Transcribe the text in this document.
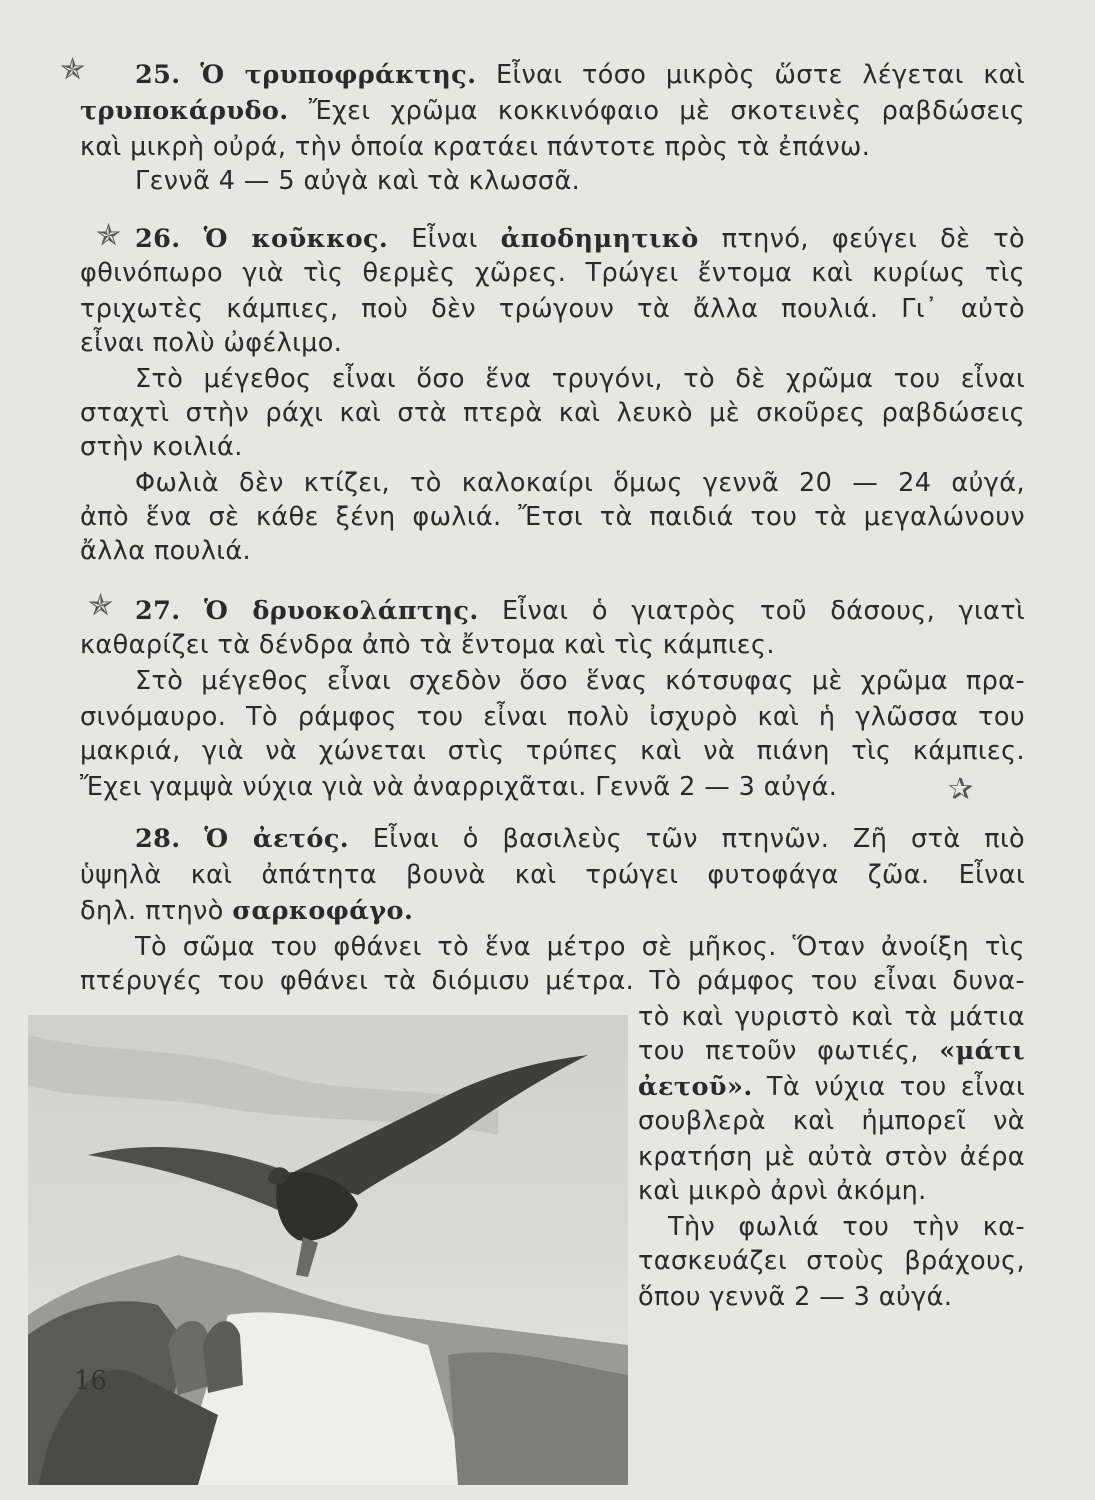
✯
✯
✯
✰
25. Ὁ τρυποφράκτης. Εἶναι τόσο μικρὸς ὥστε λέγεται καὶ
τρυποκάρυδο. Ἔχει χρῶμα κοκκινόφαιο μὲ σκοτεινὲς ραβδώσεις
καὶ μικρὴ οὐρά, τὴν ὁποία κρατάει πάντοτε πρὸς τὰ ἐπάνω.
Γεννᾶ 4 — 5 αὐγὰ καὶ τὰ κλωσσᾶ.
26. Ὁ κοῦκκος. Εἶναι ἀποδημητικὸ πτηνό, φεύγει δὲ τὸ
φθινόπωρο γιὰ τὶς θερμὲς χῶρες. Τρώγει ἔντομα καὶ κυρίως τὶς
τριχωτὲς κάμπιες, ποὺ δὲν τρώγουν τὰ ἄλλα πουλιά. Γι᾿ αὐτὸ
εἶναι πολὺ ὠφέλιμο.
Στὸ μέγεθος εἶναι ὅσο ἕνα τρυγόνι, τὸ δὲ χρῶμα του εἶναι
σταχτὶ στὴν ράχι καὶ στὰ πτερὰ καὶ λευκὸ μὲ σκοῦρες ραβδώσεις
στὴν κοιλιά.
Φωλιὰ δὲν κτίζει, τὸ καλοκαίρι ὅμως γεννᾶ 20 — 24 αὐγά,
ἀπὸ ἕνα σὲ κάθε ξένη φωλιά. Ἔτσι τὰ παιδιά του τὰ μεγαλώνουν
ἄλλα πουλιά.
27. Ὁ δρυοκολάπτης. Εἶναι ὁ γιατρὸς τοῦ δάσους, γιατὶ
καθαρίζει τὰ δένδρα ἀπὸ τὰ ἔντομα καὶ τὶς κάμπιες.
Στὸ μέγεθος εἶναι σχεδὸν ὅσο ἕνας κότσυφας μὲ χρῶμα πρα-
σινόμαυρο. Τὸ ράμφος του εἶναι πολὺ ἰσχυρὸ καὶ ἡ γλῶσσα του
μακριά, γιὰ νὰ χώνεται στὶς τρύπες καὶ νὰ πιάνη τὶς κάμπιες.
Ἔχει γαμψὰ νύχια γιὰ νὰ ἀναρριχᾶται. Γεννᾶ 2 — 3 αὐγά.
28. Ὁ ἀετός. Εἶναι ὁ βασιλεὺς τῶν πτηνῶν. Ζῆ στὰ πιὸ
ὑψηλὰ καὶ ἀπάτητα βουνὰ καὶ τρώγει φυτοφάγα ζῶα. Εἶναι
δηλ. πτηνὸ σαρκοφάγο.
Τὸ σῶμα του φθάνει τὸ ἕνα μέτρο σὲ μῆκος. Ὅταν ἀνοίξη τὶς
πτέρυγές του φθάνει τὰ διόμισυ μέτρα. Τὸ ράμφος του εἶναι δυνα-
τὸ καὶ γυριστὸ καὶ τὰ μάτια
του πετοῦν φωτιές, «μάτι
ἀετοῦ». Τὰ νύχια του εἶναι
σουβλερὰ καὶ ἠμπορεῖ νὰ
κρατήση μὲ αὐτὰ στὸν ἀέρα
καὶ μικρὸ ἀρνὶ ἀκόμη.
Τὴν φωλιά του τὴν κα-
τασκευάζει στοὺς βράχους,
ὅπου γεννᾶ 2 — 3 αὐγά.
16
